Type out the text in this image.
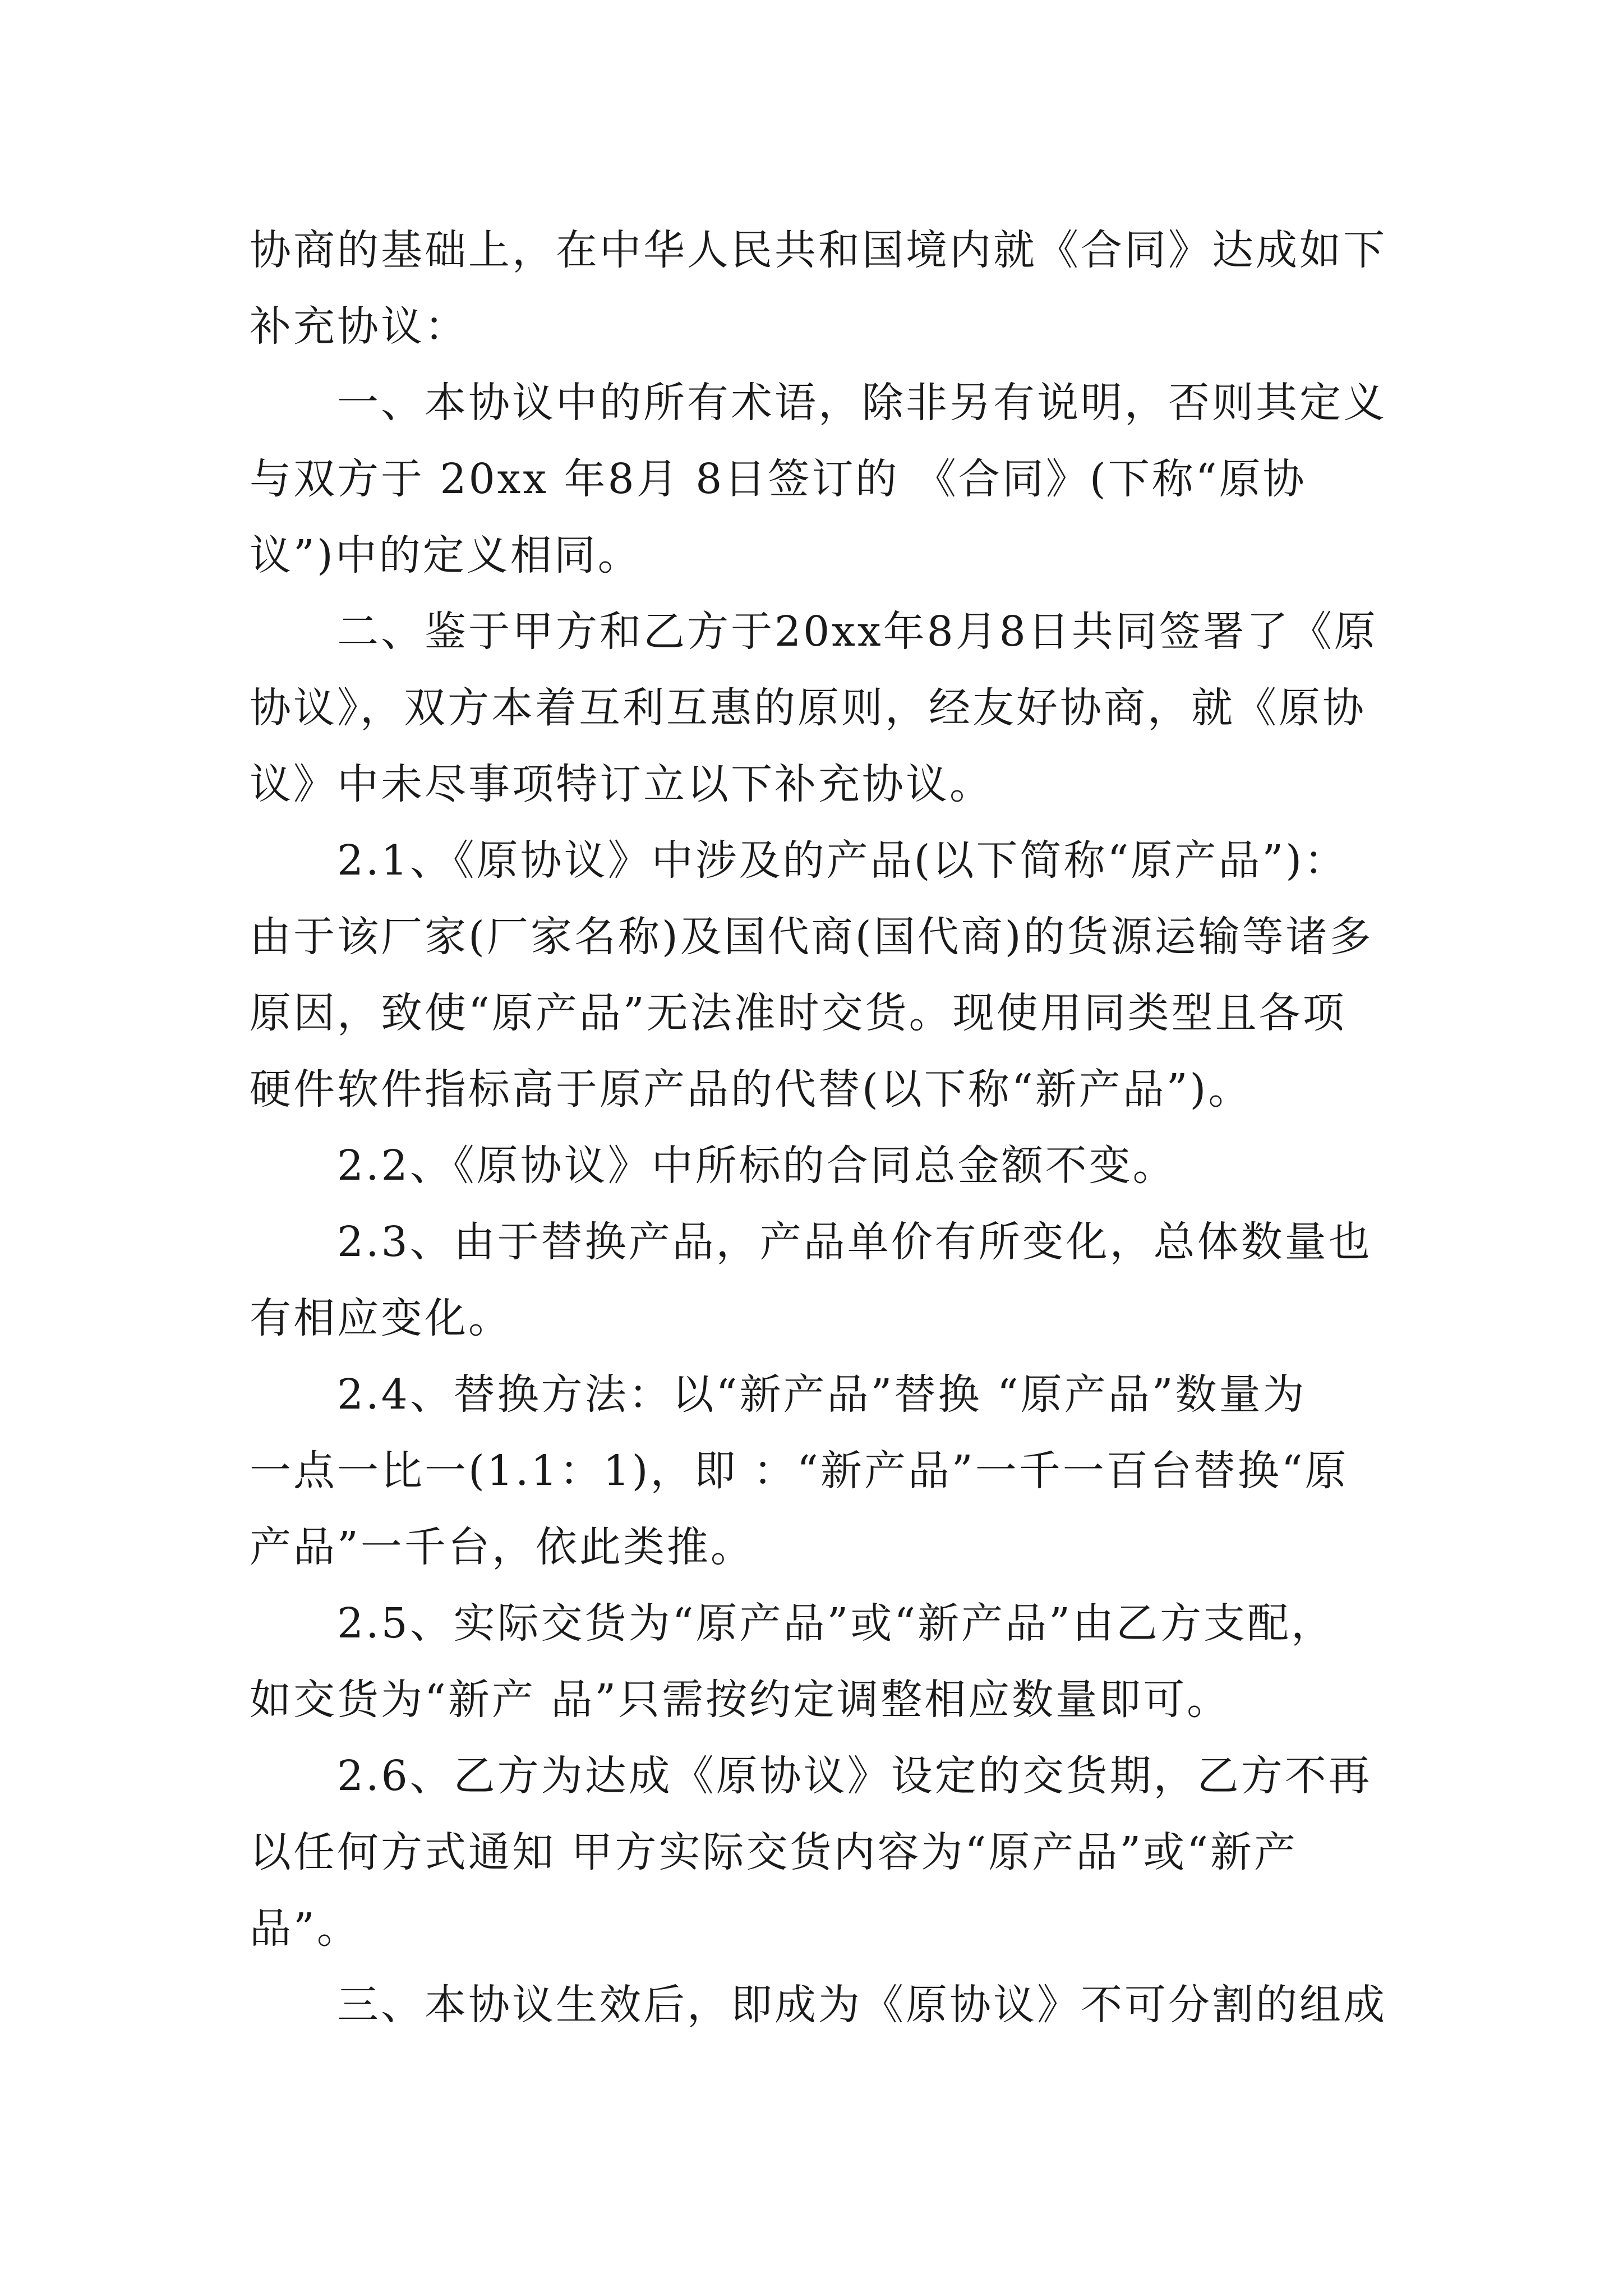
协商的基础上，在中华人民共和国境内就《合同》达成如下
补充协议：

一、本协议中的所有术语，除非另有说明，否则其定义
与双方于 20xx 年8月 8日签订的 《合同》(下称“原协
议”)中的定义相同。

二、鉴于甲方和乙方于20xx年8月8日共同签署了《原
协议》，双方本着互利互惠的原则，经友好协商，就《原协
议》中未尽事项特订立以下补充协议。

2.1、《原协议》中涉及的产品(以下简称“原产品”)：
由于该厂家(厂家名称)及国代商(国代商)的货源运输等诸多
原因，致使“原产品”无法准时交货。现使用同类型且各项
硬件软件指标高于原产品的代替(以下称“新产品”)。

2.2、《原协议》中所标的合同总金额不变。

2.3、由于替换产品，产品单价有所变化，总体数量也
有相应变化。

2.4、替换方法：以“新产品”替换 “原产品”数量为
一点一比一(1.1：1)，即 ：“新产品”一千一百台替换“原
产品”一千台，依此类推。

2.5、实际交货为“原产品”或“新产品”由乙方支配，
如交货为“新产 品”只需按约定调整相应数量即可。

2.6、乙方为达成《原协议》设定的交货期，乙方不再
以任何方式通知 甲方实际交货内容为“原产品”或“新产
品”。

三、本协议生效后，即成为《原协议》不可分割的组成
